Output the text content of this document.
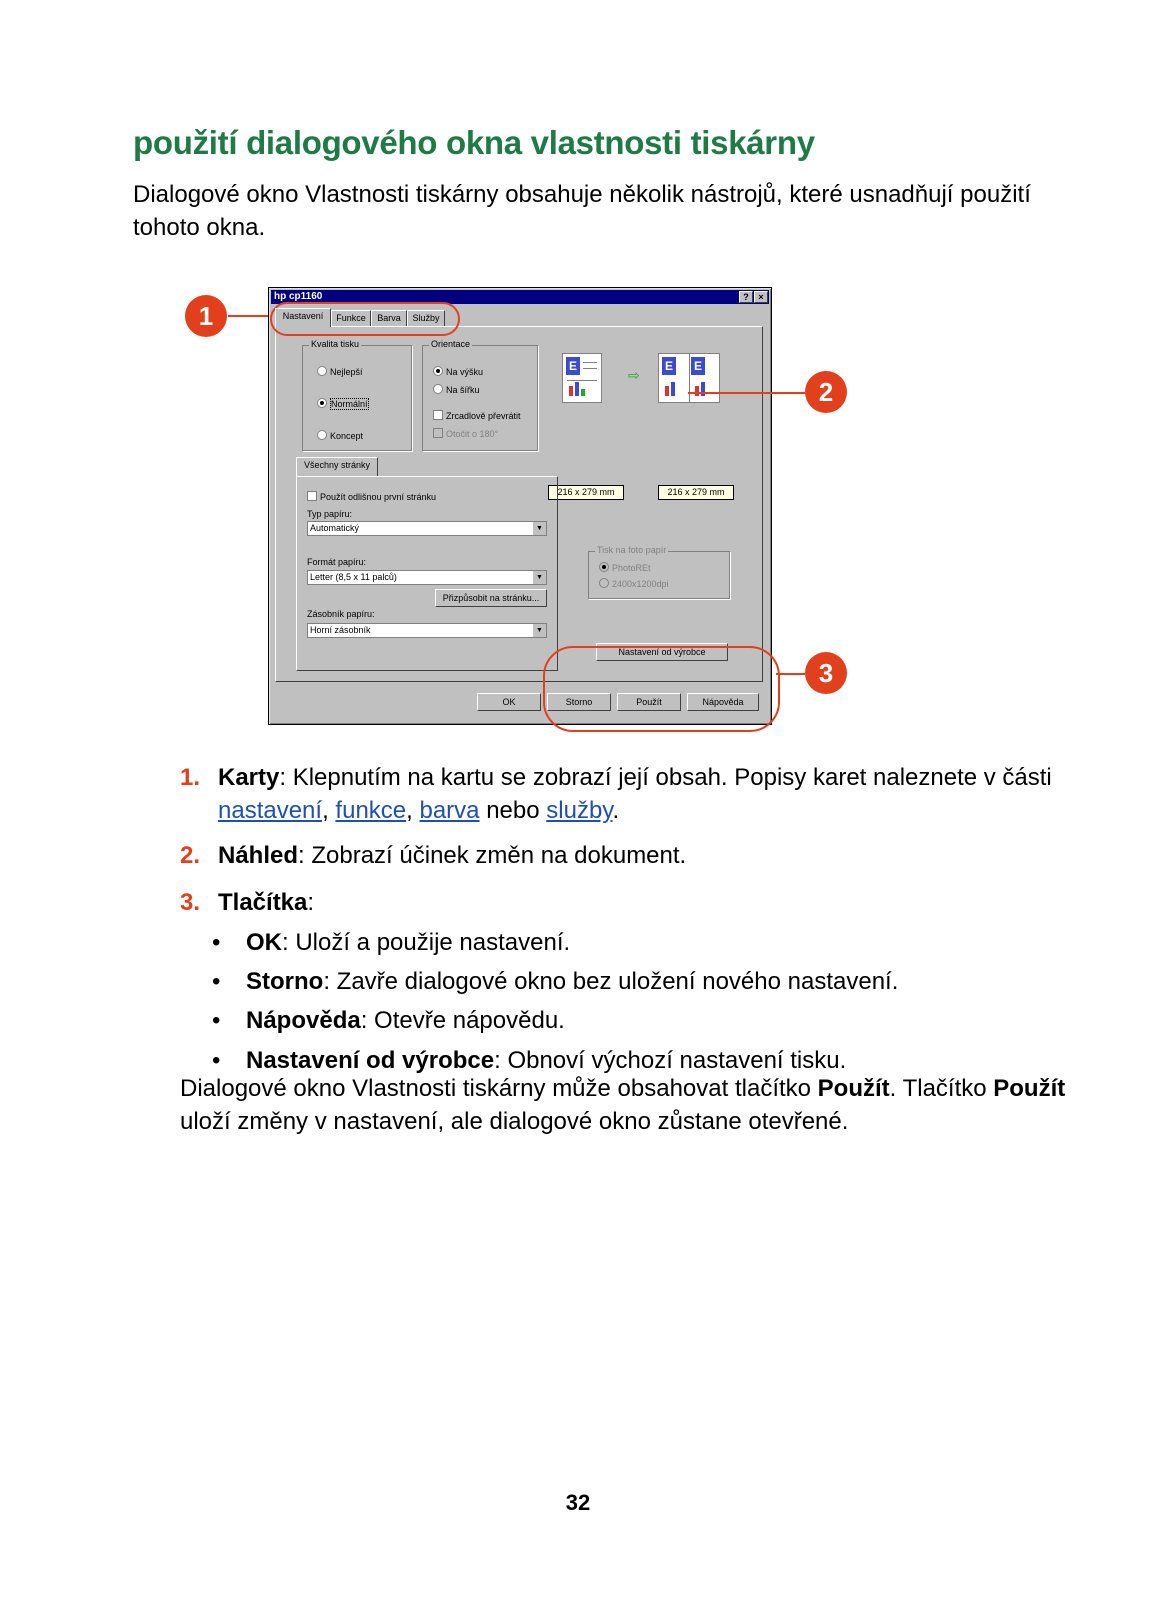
použití dialogového okna vlastnosti tiskárny

Dialogové okno Vlastnosti tiskárny obsahuje několik nástrojů, které usnadňují použití tohoto okna.

hp cp1160	?	×
Nastavení	Funkce	Barva	Služby
Kvalita tisku
Nejlepší
Normální
Koncept
Orientace
Na výšku
Na šířku
Zrcadlově převrátit
Otočit o 180°
E
⇨
E E
216 x 279 mm	216 x 279 mm
Všechny stránky
Použít odlišnou první stránku
Typ papíru:
Automatický	▼
Formát papíru:
Letter (8,5 x 11 palců)	▼
Přizpůsobit na stránku...
Zásobník papíru:
Horní zásobník	▼
Tisk na foto papír
PhotoREt
2400x1200dpi
Nastavení od výrobce
OK	Storno	Použít	Nápověda
1
2
3

1. Karty: Klepnutím na kartu se zobrazí její obsah. Popisy karet naleznete v části
nastavení, funkce, barva nebo služby.

2. Náhled: Zobrazí účinek změn na dokument.

3. Tlačítka:

• OK: Uloží a použije nastavení.

• Storno: Zavře dialogové okno bez uložení nového nastavení.

• Nápověda: Otevře nápovědu.

• Nastavení od výrobce: Obnoví výchozí nastavení tisku.

Dialogové okno Vlastnosti tiskárny může obsahovat tlačítko Použít. Tlačítko Použít uloží změny v nastavení, ale dialogové okno zůstane otevřené.

32
